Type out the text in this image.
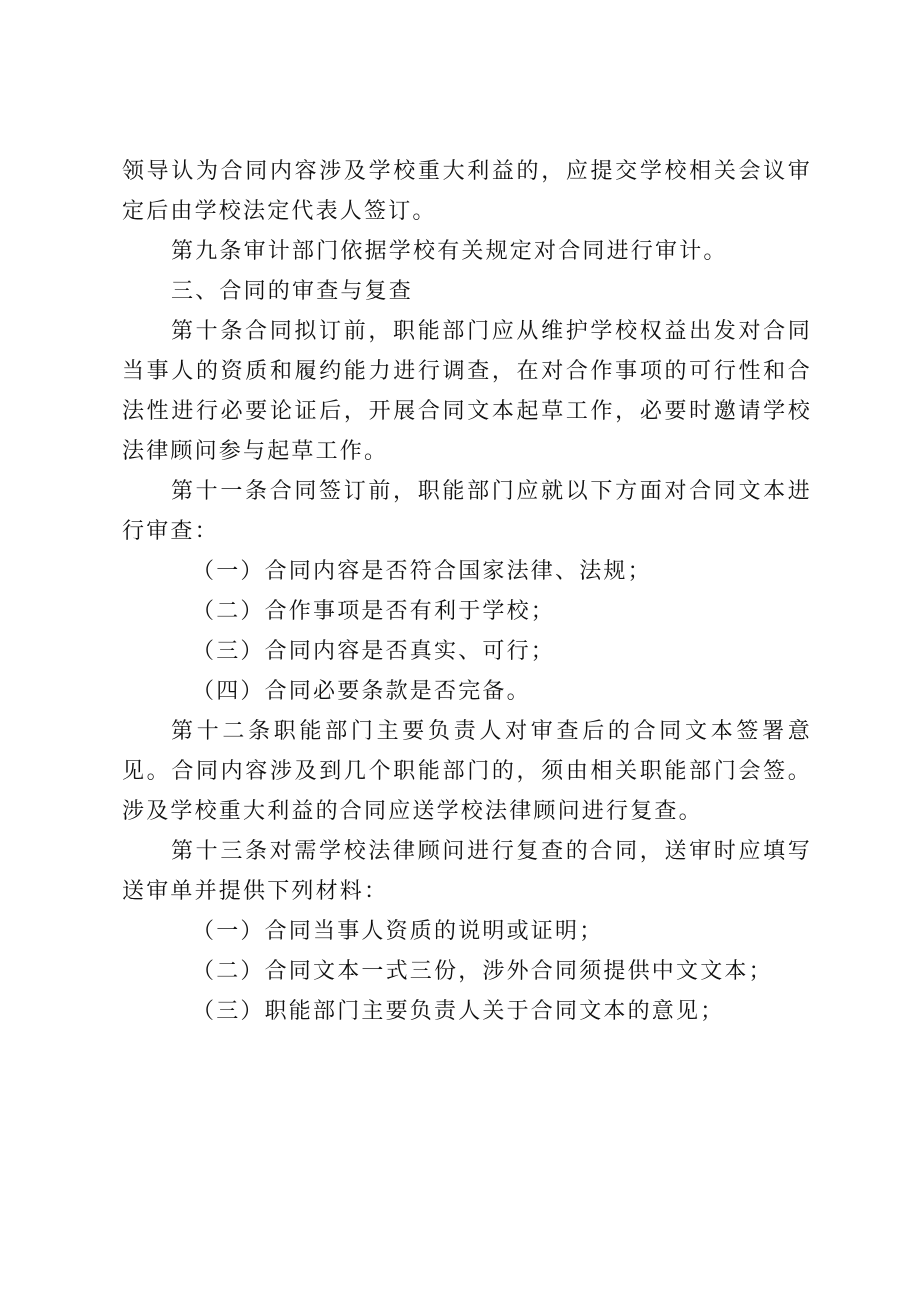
领导认为合同内容涉及学校重大利益的，应提交学校相关会议审定后由学校法定代表人签订。

第九条审计部门依据学校有关规定对合同进行审计。

三、合同的审查与复查

第十条合同拟订前，职能部门应从维护学校权益出发对合同当事人的资质和履约能力进行调查，在对合作事项的可行性和合法性进行必要论证后，开展合同文本起草工作，必要时邀请学校法律顾问参与起草工作。

第十一条合同签订前，职能部门应就以下方面对合同文本进行审查：

（一）合同内容是否符合国家法律、法规；

（二）合作事项是否有利于学校；

（三）合同内容是否真实、可行；

（四）合同必要条款是否完备。

第十二条职能部门主要负责人对审查后的合同文本签署意见。合同内容涉及到几个职能部门的，须由相关职能部门会签。涉及学校重大利益的合同应送学校法律顾问进行复查。

第十三条对需学校法律顾问进行复查的合同，送审时应填写送审单并提供下列材料：

（一）合同当事人资质的说明或证明；

（二）合同文本一式三份，涉外合同须提供中文文本；

（三）职能部门主要负责人关于合同文本的意见；
